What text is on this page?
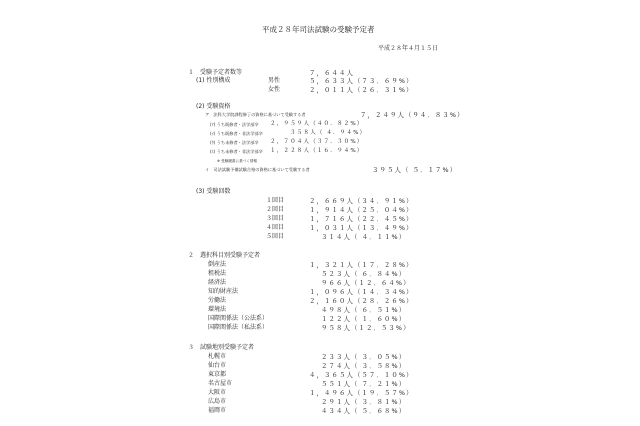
平成２８年司法試験の受験予定者
平成２８年４月１５日
１　受験予定者数等	７，６４４人
(1) 性別構成	男性	５，６３３人（７３．６９%）
女性	２，０１１人（２６．３１%）
(2) 受験資格
ア　法科大学院課程修了の資格に基づいて受験する者	７，２４９人（９４．８３%）
(ｱ) うち既修者・法学部卒 ２，９５９人（４０．８２%）
(ｲ) うち既修者・非法学部卒	３５８人（ ４．９４%）
(ｳ) うち未修者・法学部卒 ２，７０４人（３７．３０%）
(ｴ) うち未修者・非法学部卒 １，２２８人（１６．９４%）
※ 受験願書に基づく情報
イ　司法試験予備試験合格の資格に基づいて受験する者	３９５人（ ５．１７%）
(3) 受験回数
１回目	２，６６９人（３４．９１%）
２回目	１，９１４人（２５．０４%）
３回目	１，７１６人（２２．４５%）
４回目	１，０３１人（１３．４９%）
５回目	３１４人（ ４．１１%）
２　選択科目別受験予定者
倒産法	１，３２１人（１７．２８%）
租税法	５２３人（ ６．８４%）
経済法	９６６人（１２．６４%）
知的財産法	１，０９６人（１４．３４%）
労働法	２，１６０人（２８．２６%）
環境法	４９８人（ ６．５１%）
国際関係法（公法系）	１２２人（ １．６０%）
国際関係法（私法系）	９５８人（１２．５３%）
３　試験地別受験予定者
札幌市	２３３人（ ３．０５%）
仙台市	２７４人（ ３．５８%）
東京都	４，３６５人（５７．１０%）
名古屋市	５５１人（ ７．２１%）
大阪市	１，４９６人（１９．５７%）
広島市	２９１人（ ３．８１%）
福岡市	４３４人（ ５．６８%）
